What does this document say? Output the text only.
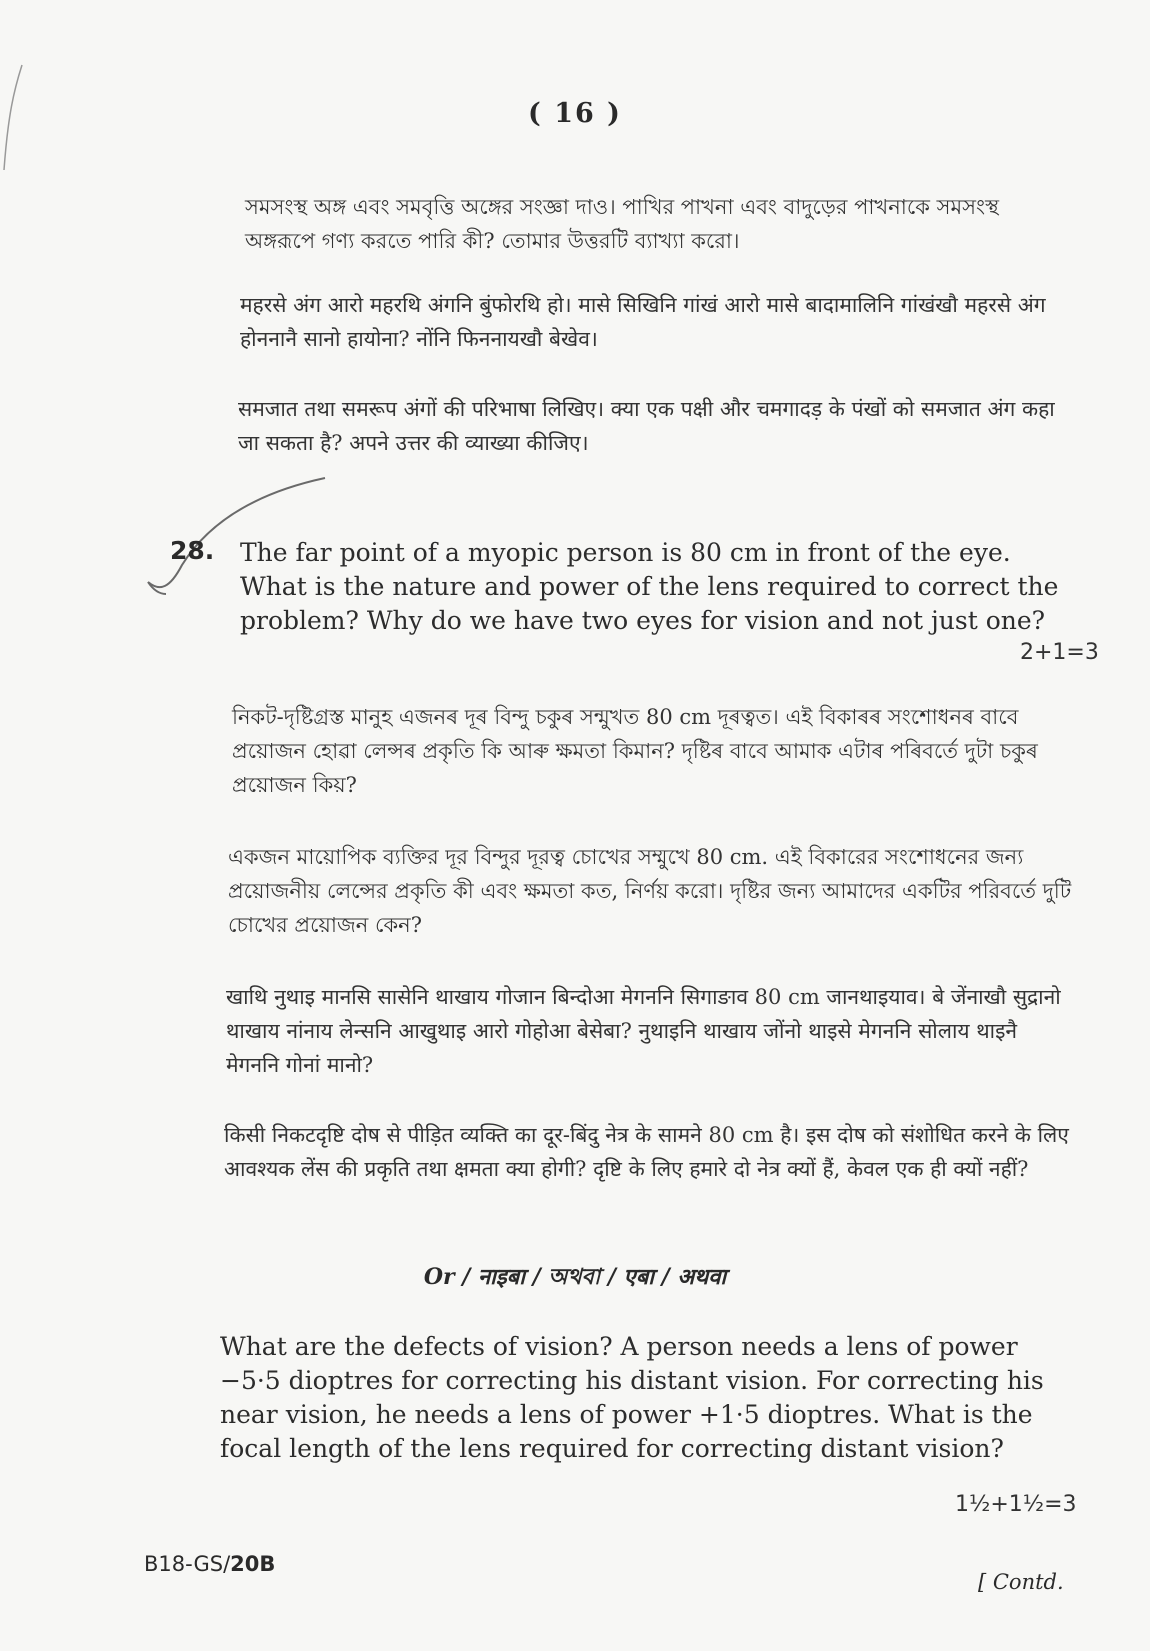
( 16 )
সমসংস্থ অঙ্গ এবং সমবৃত্তি অঙ্গের সংজ্ঞা দাও। পাখির পাখনা এবং বাদুড়ের পাখনাকে সমসংস্থ অঙ্গরূপে গণ্য করতে পারি কী? তোমার উত্তরটি ব্যাখ্যা করো।
महरसे अंग आरो महरथि अंगनि बुंफोरथि हो। मासे सिखिनि गांखं आरो मासे बादामालिनि गांखंखौ महरसे अंग होननानै सानो हायोना? नोंनि फिननायखौ बेखेव।
समजात तथा समरूप अंगों की परिभाषा लिखिए। क्या एक पक्षी और चमगादड़ के पंखों को समजात अंग कहा जा सकता है? अपने उत्तर की व्याख्या कीजिए।
28. The far point of a myopic person is 80 cm in front of the eye. What is the nature and power of the lens required to correct the problem? Why do we have two eyes for vision and not just one?
2+1=3
নিকট-দৃষ্টিগ্ৰস্ত মানুহ এজনৰ দূৰ বিন্দু চকুৰ সন্মুখত 80 cm দূৰত্বত। এই বিকাৰৰ সংশোধনৰ বাবে প্ৰয়োজন হোৱা লেন্সৰ প্ৰকৃতি কি আৰু ক্ষমতা কিমান? দৃষ্টিৰ বাবে আমাক এটাৰ পৰিবৰ্তে দুটা চকুৰ প্ৰয়োজন কিয়?
একজন মায়োপিক ব্যক্তির দূর বিন্দুর দূরত্ব চোখের সম্মুখে 80 cm. এই বিকারের সংশোধনের জন্য প্রয়োজনীয় লেন্সের প্রকৃতি কী এবং ক্ষমতা কত, নির্ণয় করো। দৃষ্টির জন্য আমাদের একটির পরিবর্তে দুটি চোখের প্রয়োজন কেন?
खाथि नुथाइ मानसि सासेनि थाखाय गोजान बिन्दोआ मेगननि सिगाङाव 80 cm जानथाइयाव। बे जेंनाखौ सुद्रानो थाखाय नांनाय लेन्सनि आखुथाइ आरो गोहोआ बेसेबा? नुथाइनि थाखाय जोंनो थाइसे मेगननि सोलाय थाइनै मेगननि गोनां मानो?
किसी निकटदृष्टि दोष से पीड़ित व्यक्ति का दूर-बिंदु नेत्र के सामने 80 cm है। इस दोष को संशोधित करने के लिए आवश्यक लेंस की प्रकृति तथा क्षमता क्या होगी? दृष्टि के लिए हमारे दो नेत्र क्यों हैं, केवल एक ही क्यों नहीं?
Or / नाइबा / অথবা / एबा / अथवा
What are the defects of vision? A person needs a lens of power −5·5 dioptres for correcting his distant vision. For correcting his near vision, he needs a lens of power +1·5 dioptres. What is the focal length of the lens required for correcting distant vision?
1½+1½=3
B18-GS/20B
[ Contd.
